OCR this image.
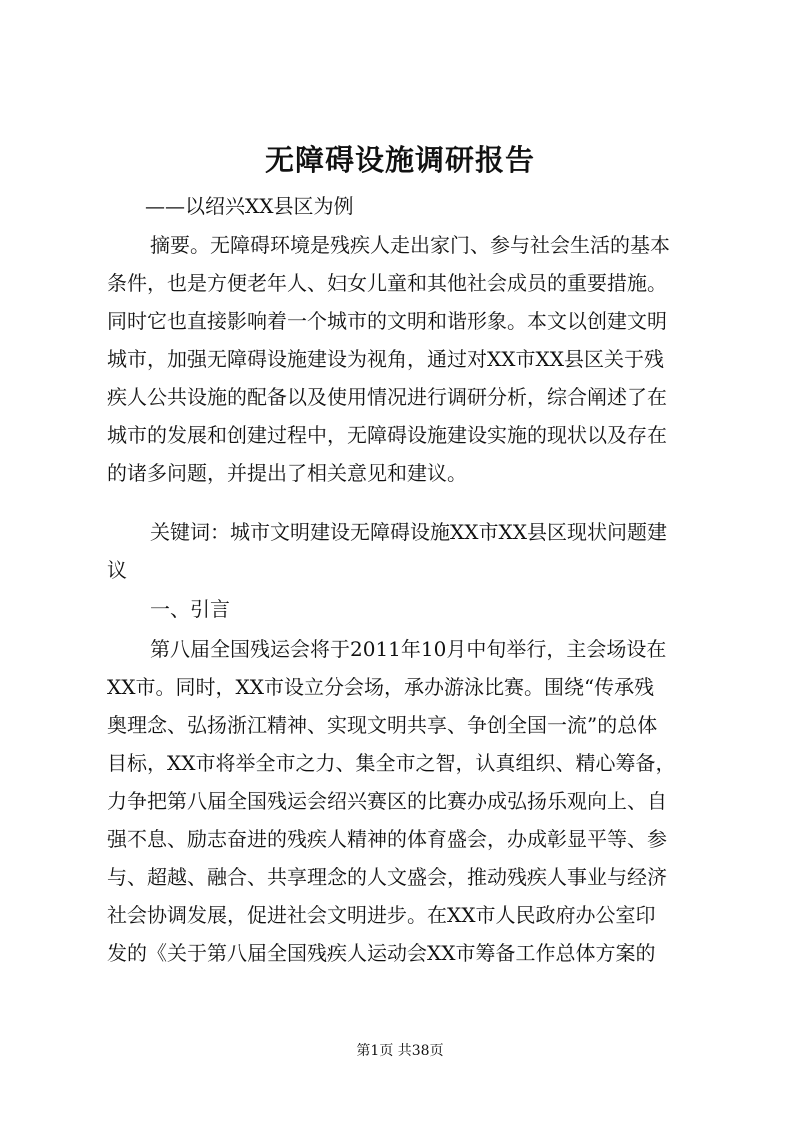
无障碍设施调研报告
——以绍兴XX县区为例
摘要。无障碍环境是残疾人走出家门、参与社会生活的基本
条件，也是方便老年人、妇女儿童和其他社会成员的重要措施。
同时它也直接影响着一个城市的文明和谐形象。本文以创建文明
城市，加强无障碍设施建设为视角，通过对XX市XX县区关于残
疾人公共设施的配备以及使用情况进行调研分析，综合阐述了在
城市的发展和创建过程中，无障碍设施建设实施的现状以及存在
的诸多问题，并提出了相关意见和建议。
关键词：城市文明建设无障碍设施XX市XX县区现状问题建
议
一、引言
第八届全国残运会将于2011年10月中旬举行，主会场设在
XX市。同时，XX市设立分会场，承办游泳比赛。围绕“传承残
奥理念、弘扬浙江精神、实现文明共享、争创全国一流”的总体
目标，XX市将举全市之力、集全市之智，认真组织、精心筹备，
力争把第八届全国残运会绍兴赛区的比赛办成弘扬乐观向上、自
强不息、励志奋进的残疾人精神的体育盛会，办成彰显平等、参
与、超越、融合、共享理念的人文盛会，推动残疾人事业与经济
社会协调发展，促进社会文明进步。在XX市人民政府办公室印
发的《关于第八届全国残疾人运动会XX市筹备工作总体方案的
第1页 共38页
